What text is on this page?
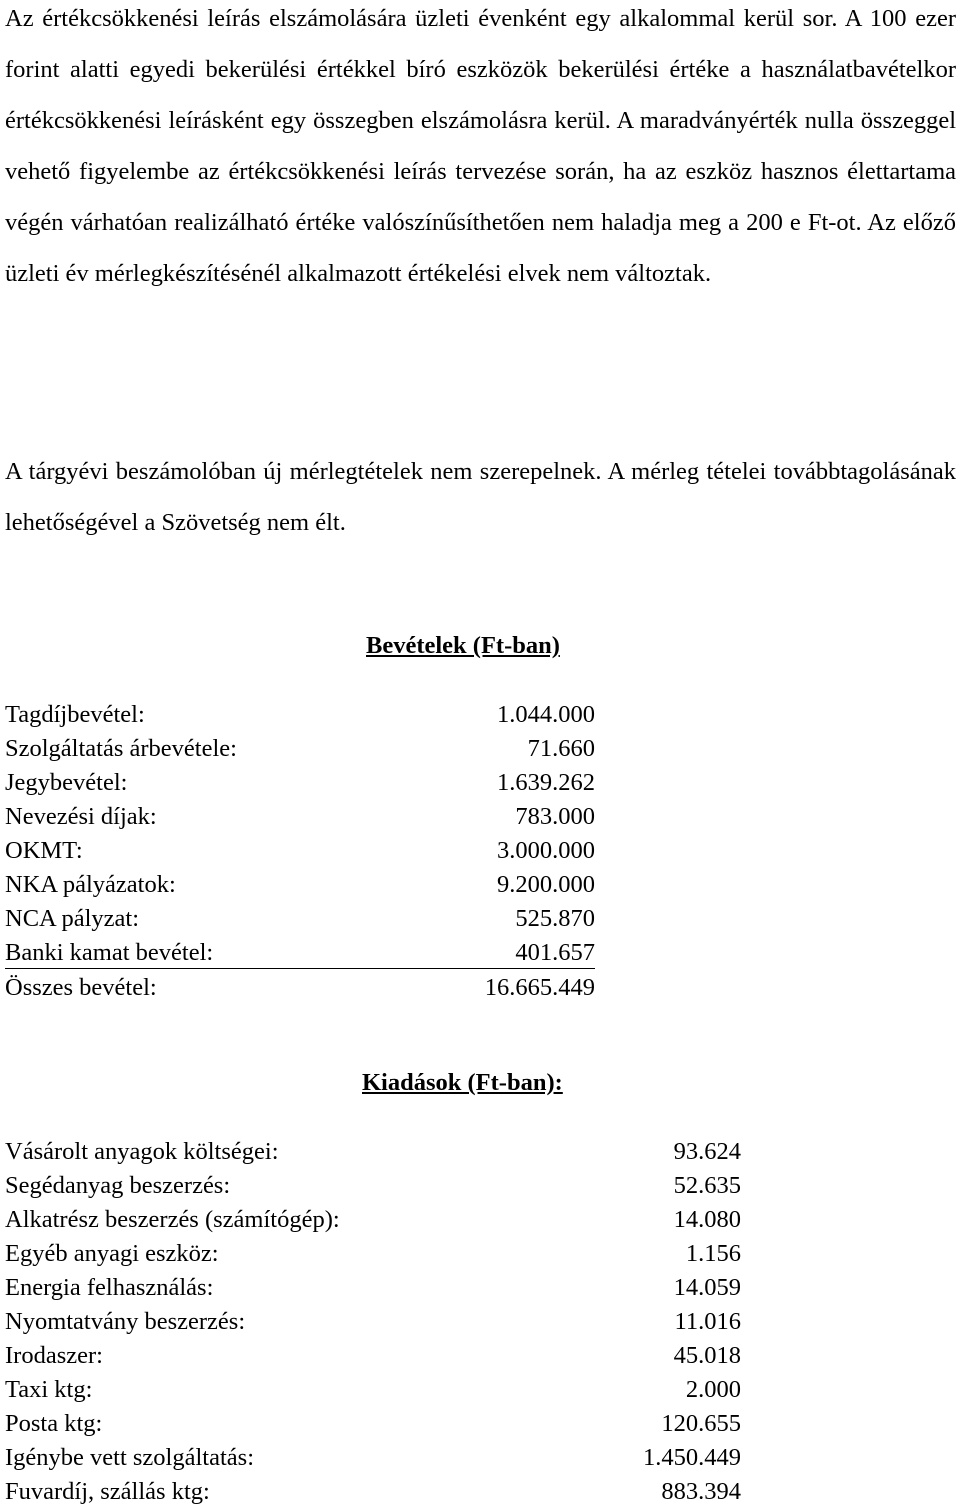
Az értékcsökkenési leírás elszámolására üzleti évenként egy alkalommal kerül sor. A 100 ezer forint alatti egyedi bekerülési értékkel bíró eszközök bekerülési értéke a használatbavételkor értékcsökkenési leírásként egy összegben elszámolásra kerül. A maradványérték nulla összeggel vehető figyelembe az értékcsökkenési leírás tervezése során, ha az eszköz hasznos élettartama végén várhatóan realizálható értéke valószínűsíthetően nem haladja meg a 200 e Ft-ot. Az előző üzleti év mérlegkészítésénél alkalmazott értékelési elvek nem változtak.

A tárgyévi beszámolóban új mérlegtételek nem szerepelnek. A mérleg tételei továbbtagolásának lehetőségével a Szövetség nem élt.

Bevételek (Ft-ban)
Tagdíjbevétel:	1.044.000
Szolgáltatás árbevétele:	71.660
Jegybevétel:	1.639.262
Nevezési díjak:	783.000
OKMT:	3.000.000
NKA pályázatok:	9.200.000
NCA pályzat:	525.870
Banki kamat bevétel:	401.657
Összes bevétel:	16.665.449
Kiadások (Ft-ban):
Vásárolt anyagok költségei:	93.624
Segédanyag beszerzés:	52.635
Alkatrész beszerzés (számítógép):	14.080
Egyéb anyagi eszköz:	1.156
Energia felhasználás:	14.059
Nyomtatvány beszerzés:	11.016
Irodaszer:	45.018
Taxi ktg:	2.000
Posta ktg:	120.655
Igénybe vett szolgáltatás:	1.450.449
Fuvardíj, szállás ktg:	883.394
